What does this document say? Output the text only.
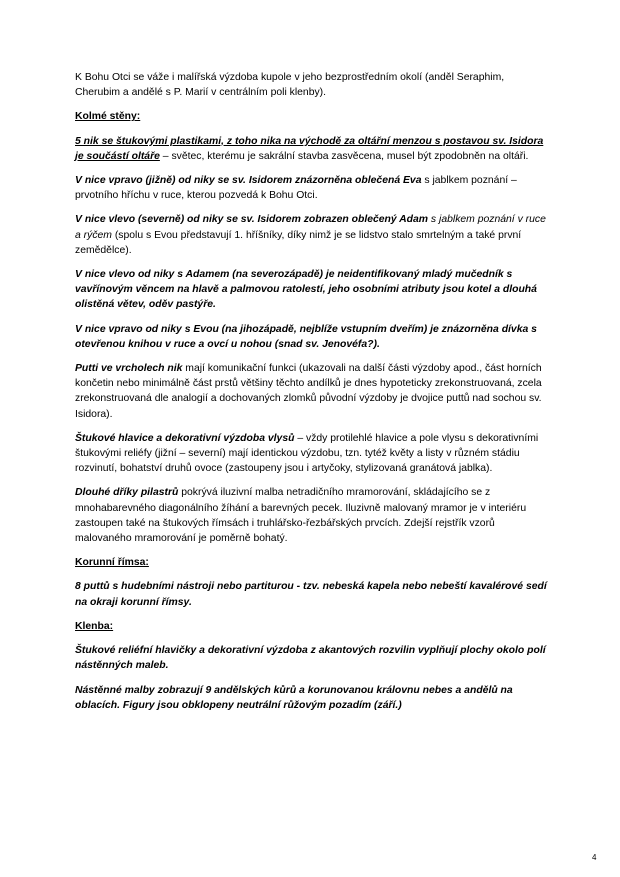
K Bohu Otci se váže i malířská výzdoba kupole v jeho bezprostředním okolí (anděl Seraphim, Cherubim a andělé s P. Marií v centrálním poli klenby).

Kolmé stěny:

5 nik se štukovými plastikami, z toho nika na východě za oltářní menzou s postavou sv. Isidora je součástí oltáře – světec, kterému je sakrální stavba zasvěcena, musel být zpodobněn na oltáři.

V nice vpravo (jižně) od niky se sv. Isidorem znázorněna oblečená Eva s jablkem poznání – prvotního hříchu v ruce, kterou pozvedá k Bohu Otci.

V nice vlevo (severně) od niky se sv. Isidorem zobrazen oblečený Adam s jablkem poznání v ruce a rýčem (spolu s Evou představují 1. hříšníky, díky nimž je se lidstvo stalo smrtelným a také první zemědělce).

V nice vlevo od niky s Adamem (na severozápadě) je neidentifikovaný mladý mučedník s vavřínovým věncem na hlavě a palmovou ratolestí, jeho osobními atributy jsou kotel a dlouhá olistěná větev, oděv pastýře.

V nice vpravo od niky s Evou (na jihozápadě, nejblíže vstupním dveřím) je znázorněna dívka s otevřenou knihou v ruce a ovcí u nohou (snad sv. Jenovéfa?).

Putti ve vrcholech nik mají komunikační funkci (ukazovali na další části výzdoby apod., část horních končetin nebo minimálně část prstů většiny těchto andílků je dnes hypoteticky zrekonstruovaná, zcela zrekonstruovaná dle analogií a dochovaných zlomků původní výzdoby je dvojice puttů nad sochou sv. Isidora).

Štukové hlavice a dekorativní výzdoba vlysů – vždy protilehlé hlavice a pole vlysu s dekorativními štukovými reliéfy (jižní – severní) mají identickou výzdobu, tzn. tytéž květy a listy v různém stádiu rozvinutí, bohatství druhů ovoce (zastoupeny jsou i artyčoky, stylizovaná granátová jablka).

Dlouhé dříky pilastrů pokrývá iluzivní malba netradičního mramorování, skládajícího se z mnohabarevného diagonálního žíhání a barevných pecek. Iluzivně malovaný mramor je v interiéru zastoupen také na štukových římsách i truhlářsko-řezbářských prvcích. Zdejší rejstřík vzorů malovaného mramorování je poměrně bohatý.

Korunní římsa:

8 puttů s hudebními nástroji nebo partiturou - tzv. nebeská kapela nebo nebeští kavalérové sedí na okraji korunní římsy.

Klenba:

Štukové reliéfní hlavičky a dekorativní výzdoba z akantových rozvilin vyplňují plochy okolo polí nástěnných maleb.

Nástěnné malby zobrazují 9 andělských kůrů a korunovanou královnu nebes a andělů na oblacích. Figury jsou obklopeny neutrální růžovým pozadím (září.)

4
